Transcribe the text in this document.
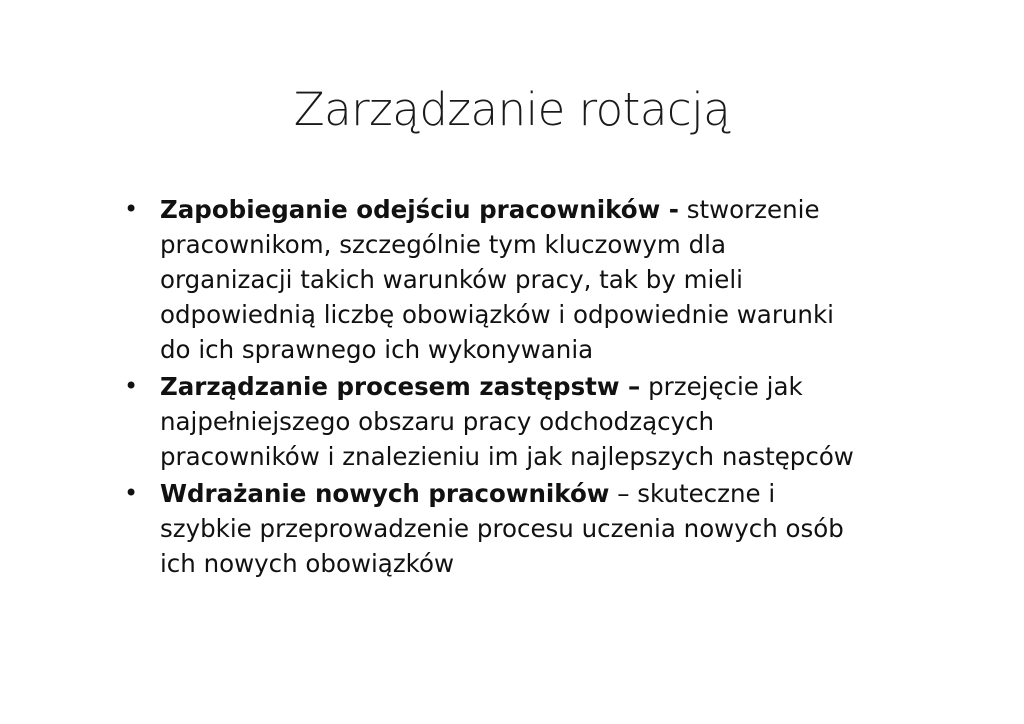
Zarządzanie rotacją
• Zapobieganie odejściu pracowników - stworzenie pracownikom, szczególnie tym kluczowym dla organizacji takich warunków pracy, tak by mieli odpowiednią liczbę obowiązków i odpowiednie warunki do ich sprawnego ich wykonywania
• Zarządzanie procesem zastępstw – przejęcie jak najpełniejszego obszaru pracy odchodzących pracowników i znalezieniu im jak najlepszych następców
• Wdrażanie nowych pracowników – skuteczne i szybkie przeprowadzenie procesu uczenia nowych osób ich nowych obowiązków
